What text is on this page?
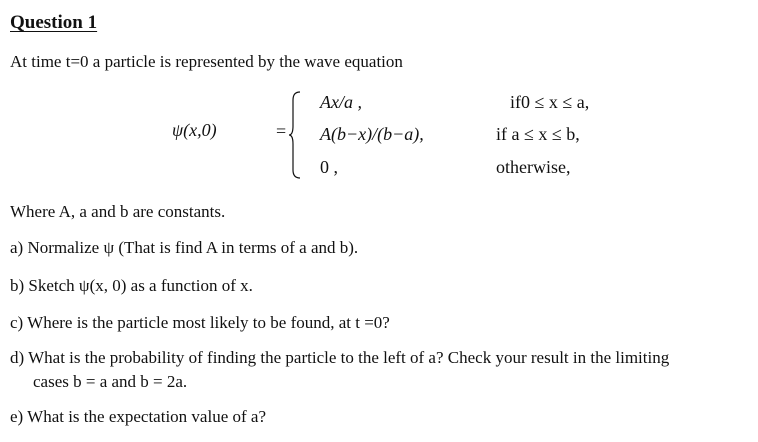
Question 1
At time t=0 a particle is represented by the wave equation
ψ(x,0)	=
Ax/a ,	if0 ≤ x ≤ a,
A(b−x)/(b−a),	if a ≤ x ≤ b,
0 ,	otherwise,
Where A, a and b are constants.
a) Normalize ψ (That is find A in terms of a and b).
b) Sketch ψ(x, 0) as a function of x.
c) Where is the particle most likely to be found, at t =0?
d) What is the probability of finding the particle to the left of a? Check your result in the limiting
cases b = a and b = 2a.
e) What is the expectation value of a?
